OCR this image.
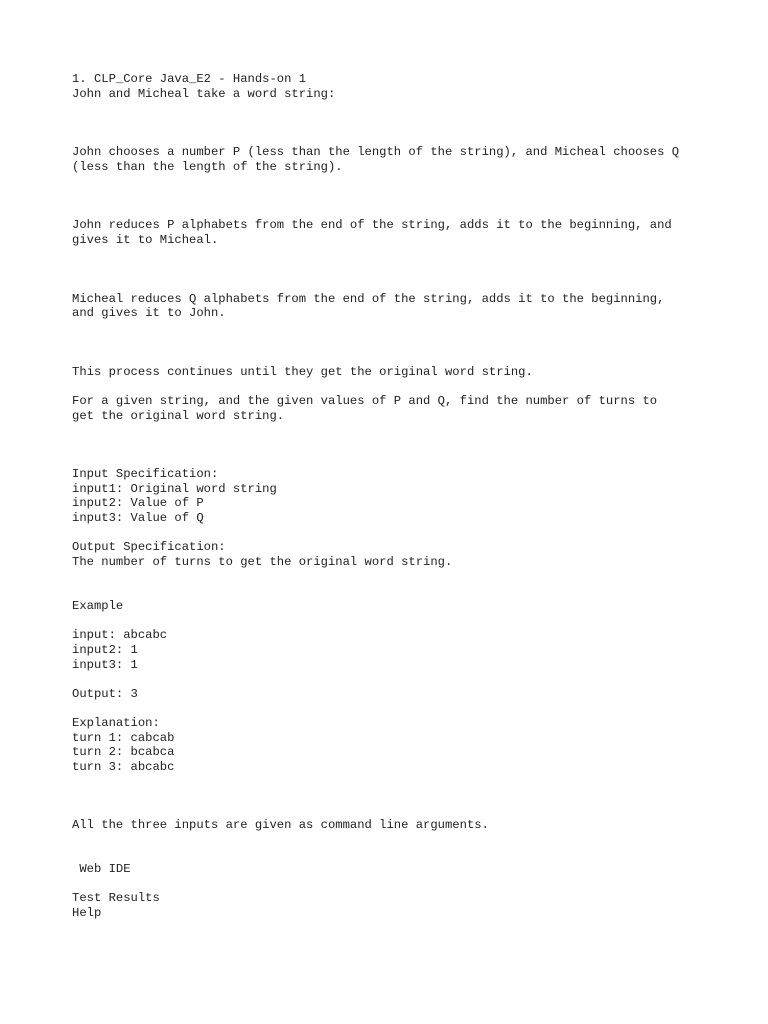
1. CLP_Core Java_E2 - Hands-on 1
John and Micheal take a word string:
John chooses a number P (less than the length of the string), and Micheal chooses Q
(less than the length of the string).
John reduces P alphabets from the end of the string, adds it to the beginning, and
gives it to Micheal.
Micheal reduces Q alphabets from the end of the string, adds it to the beginning,
and gives it to John.
This process continues until they get the original word string.
For a given string, and the given values of P and Q, find the number of turns to
get the original word string.
Input Specification:
input1: Original word string
input2: Value of P
input3: Value of Q
Output Specification:
The number of turns to get the original word string.
Example
input: abcabc
input2: 1
input3: 1
Output: 3
Explanation:
turn 1: cabcab
turn 2: bcabca
turn 3: abcabc
All the three inputs are given as command line arguments.
Web IDE
Test Results
Help
